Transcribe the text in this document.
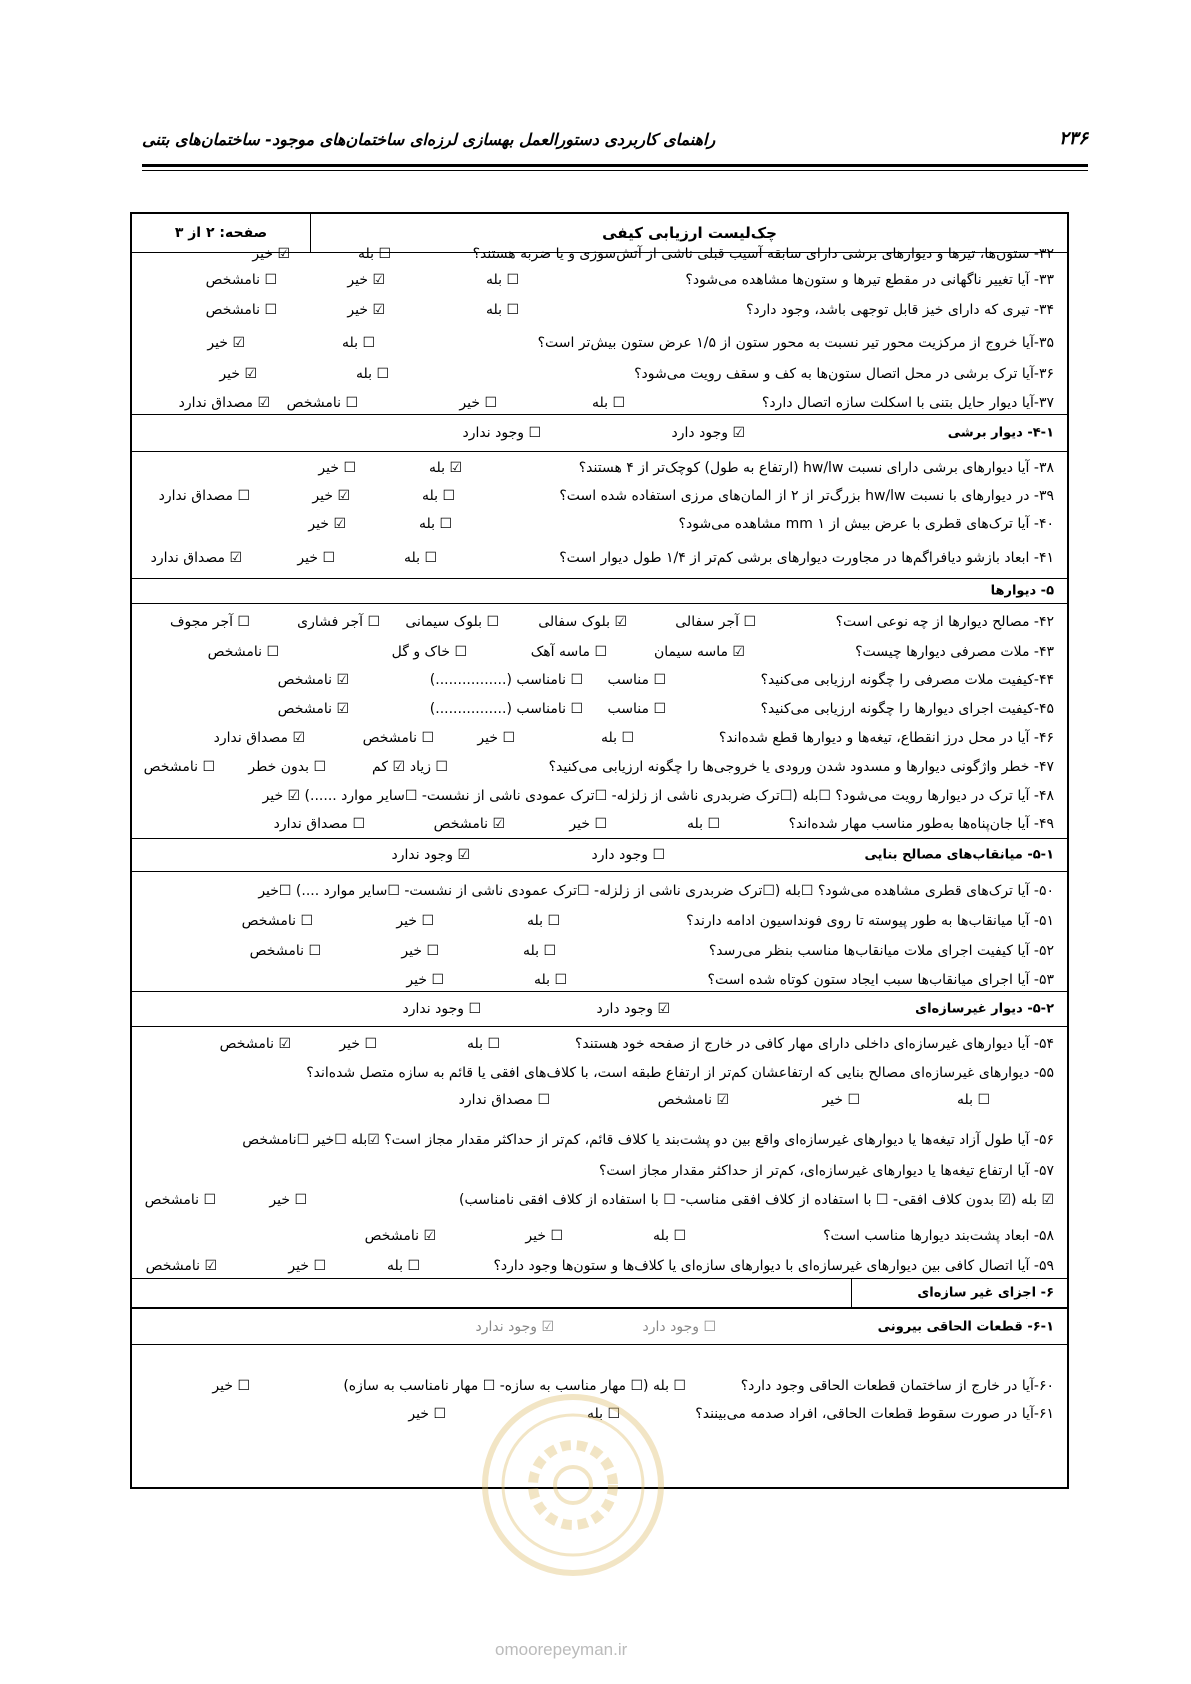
۲۳۶
راهنمای کاربردی دستورالعمل بهسازی لرزه‌ای ساختمان‌های موجود- ساختمان‌های بتنی
چک‌لیست ارزیابی کیفی
صفحه: ۲ از ۳
۳۲- ستون‌ها، تیرها و دیوارهای برشی دارای سابقه آسیب قبلی ناشی از آتش‌سوزی و یا ضربه هستند؟
☐ بله
☑ خیر
۳۳- آیا تغییر ناگهانی در مقطع تیرها و ستون‌ها مشاهده می‌شود؟
☐ بله
☑ خیر
☐ نامشخص
۳۴- تیری که دارای خیز قابل توجهی باشد، وجود دارد؟
☐ بله
☑ خیر
☐ نامشخص
۳۵-آیا خروج از مرکزیت محور تیر نسبت به محور ستون از ۱/۵ عرض ستون بیش‌تر است؟
☐ بله
☑ خیر
۳۶-آیا ترک برشی در محل اتصال ستون‌ها به کف و سقف رویت می‌شود؟
☐ بله
☑ خیر
۳۷-آیا دیوار حایل بتنی با اسکلت سازه اتصال دارد؟
☐ بله
☐ خیر
☐ نامشخص
☑ مصداق ندارد
۳۸- آیا دیوارهای برشی دارای نسبت hw/lw (ارتفاع به طول) کوچک‌تر از ۴ هستند؟
☑ بله
☐ خیر
۳۹- در دیوارهای با نسبت hw/lw بزرگ‌تر از ۲ از المان‌های مرزی استفاده شده است؟
☐ بله
☑ خیر
☐ مصداق ندارد
۴۰- آیا ترک‌های قطری با عرض بیش از ۱ mm مشاهده می‌شود؟
☐ بله
☑ خیر
۴۱- ابعاد بازشو دیافراگم‌ها در مجاورت دیوارهای برشی کم‌تر از ۱/۴ طول دیوار است؟
☐ بله
☐ خیر
☑ مصداق ندارد
۴۲- مصالح دیوارها از چه نوعی است؟
☐ آجر سفالی
☑ بلوک سفالی
☐ بلوک سیمانی
☐ آجر فشاری
☐ آجر مجوف
۴۳- ملات مصرفی دیوارها چیست؟
☑ ماسه سیمان
☐ ماسه آهک
☐ خاک و گل
☐ نامشخص
۴۴-کیفیت ملات مصرفی را چگونه ارزیابی می‌کنید؟
☐ مناسب
☐ نامناسب (................)
☑ نامشخص
۴۵-کیفیت اجرای دیوارها را چگونه ارزیابی می‌کنید؟
☐ مناسب
☐ نامناسب (................)
☑ نامشخص
۴۶- آیا در محل درز انقطاع، تیغه‌ها و دیوارها قطع شده‌اند؟
☐ بله
☐ خیر
☐ نامشخص
☑ مصداق ندارد
۴۷- خطر واژگونی دیوارها و مسدود شدن ورودی یا خروجی‌ها را چگونه ارزیابی می‌کنید؟
☐ زیاد
☑ کم
☐ بدون خطر
☐ نامشخص
۴۸- آیا ترک در دیوارها رویت می‌شود؟ ☐بله (☐ترک ضربدری ناشی از زلزله- ☐ترک عمودی ناشی از نشست- ☐سایر موارد ......) ☑ خیر
۴۹- آیا جان‌پناه‌ها به‌طور مناسب مهار شده‌اند؟
☐ بله
☐ خیر
☑ نامشخص
☐ مصداق ندارد
۵۰- آیا ترک‌های قطری مشاهده می‌شود؟ ☐بله (☐ترک ضربدری ناشی از زلزله- ☐ترک عمودی ناشی از نشست- ☐سایر موارد ....) ☐خیر
۵۱- آیا میانقاب‌ها به طور پیوسته تا روی فونداسیون ادامه دارند؟
☐ بله
☐ خیر
☐ نامشخص
۵۲- آیا کیفیت اجرای ملات میانقاب‌ها مناسب بنظر می‌رسد؟
☐ بله
☐ خیر
☐ نامشخص
۵۳- آیا اجرای میانقاب‌ها سبب ایجاد ستون کوتاه شده است؟
☐ بله
☐ خیر
۵۴- آیا دیوارهای غیرسازه‌ای داخلی دارای مهار کافی در خارج از صفحه خود هستند؟
☐ بله
☐ خیر
☑ نامشخص
۵۵- دیوارهای غیرسازه‌ای مصالح بنایی که ارتفاعشان کم‌تر از ارتفاع طبقه است، با کلاف‌های افقی یا قائم به سازه متصل شده‌اند؟
☐ بله
☐ خیر
☑ نامشخص
☐ مصداق ندارد
۵۶- آیا طول آزاد تیغه‌ها یا دیوارهای غیرسازه‌ای واقع بین دو پشت‌بند یا کلاف قائم، کم‌تر از حداکثر مقدار مجاز است؟ ☑بله ☐خیر ☐نامشخص
۵۷- آیا ارتفاع تیغه‌ها یا دیوارهای غیرسازه‌ای، کم‌تر از حداکثر مقدار مجاز است؟
☑ بله (☑ بدون کلاف افقی- ☐ با استفاده از کلاف افقی مناسب- ☐ با استفاده از کلاف افقی نامناسب)
☐ خیر
☐ نامشخص
۵۸- ابعاد پشت‌بند دیوارها مناسب است؟
☐ بله
☐ خیر
☑ نامشخص
۵۹- آیا اتصال کافی بین دیوارهای غیرسازه‌ای با دیوارهای سازه‌ای یا کلاف‌ها و ستون‌ها وجود دارد؟
☐ بله
☐ خیر
☑ نامشخص
۶۰-آیا در خارج از ساختمان قطعات الحاقی وجود دارد؟
☐ بله (☐ مهار مناسب به سازه- ☐ مهار نامناسب به سازه)
☐ خیر
۶۱-آیا در صورت سقوط قطعات الحاقی، افراد صدمه می‌بینند؟
☐ بله
☐ خیر
۴-۱- دیوار برشی
☑ وجود دارد
☐ وجود ندارد
۵- دیوارها
۵-۱- میانقاب‌های مصالح بنایی
☐ وجود دارد
☑ وجود ندارد
۵-۲- دیوار غیرسازه‌ای
☑ وجود دارد
☐ وجود ندارد
۶- اجزای غیر سازه‌ای
۶-۱- قطعات الحاقی بیرونی
☐ وجود دارد
☑ وجود ندارد
omoorepeyman.ir
